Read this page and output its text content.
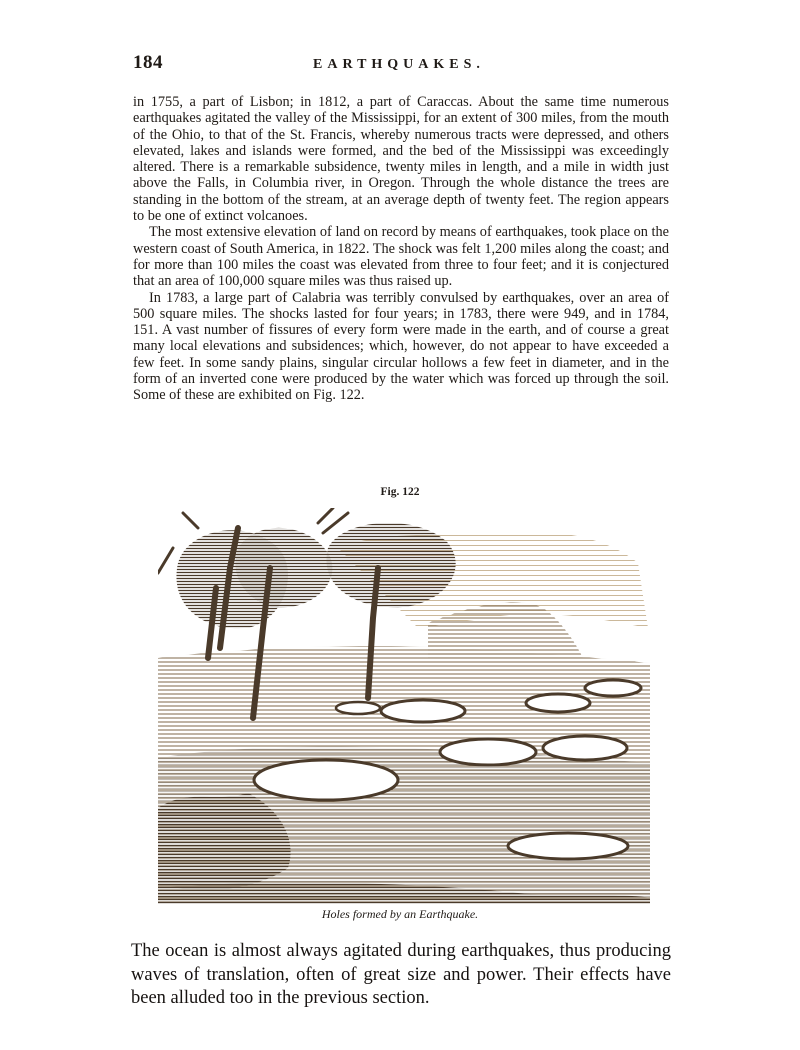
184	EARTHQUAKES.

in 1755, a part of Lisbon; in 1812, a part of Caraccas. About the same time numerous earthquakes agitated the valley of the Mississippi, for an extent of 300 miles, from the mouth of the Ohio, to that of the St. Francis, whereby numerous tracts were depressed, and others elevated, lakes and islands were formed, and the bed of the Mississippi was exceedingly altered. There is a remarkable subsidence, twenty miles in length, and a mile in width just above the Falls, in Columbia river, in Oregon. Through the whole distance the trees are standing in the bottom of the stream, at an average depth of twenty feet. The region appears to be one of extinct volcanoes.

The most extensive elevation of land on record by means of earthquakes, took place on the western coast of South America, in 1822. The shock was felt 1,200 miles along the coast; and for more than 100 miles the coast was elevated from three to four feet; and it is conjectured that an area of 100,000 square miles was thus raised up.

In 1783, a large part of Calabria was terribly convulsed by earthquakes, over an area of 500 square miles. The shocks lasted for four years; in 1783, there were 949, and in 1784, 151. A vast number of fissures of every form were made in the earth, and of course a great many local elevations and subsidences; which, however, do not appear to have exceeded a few feet. In some sandy plains, singular circular hollows a few feet in diameter, and in the form of an inverted cone were produced by the water which was forced up through the soil. Some of these are exhibited on Fig. 122.

Fig. 122
Holes formed by an Earthquake.
The ocean is almost always agitated during earthquakes, thus producing waves of translation, often of great size and power. Their effects have been alluded too in the previous section.
